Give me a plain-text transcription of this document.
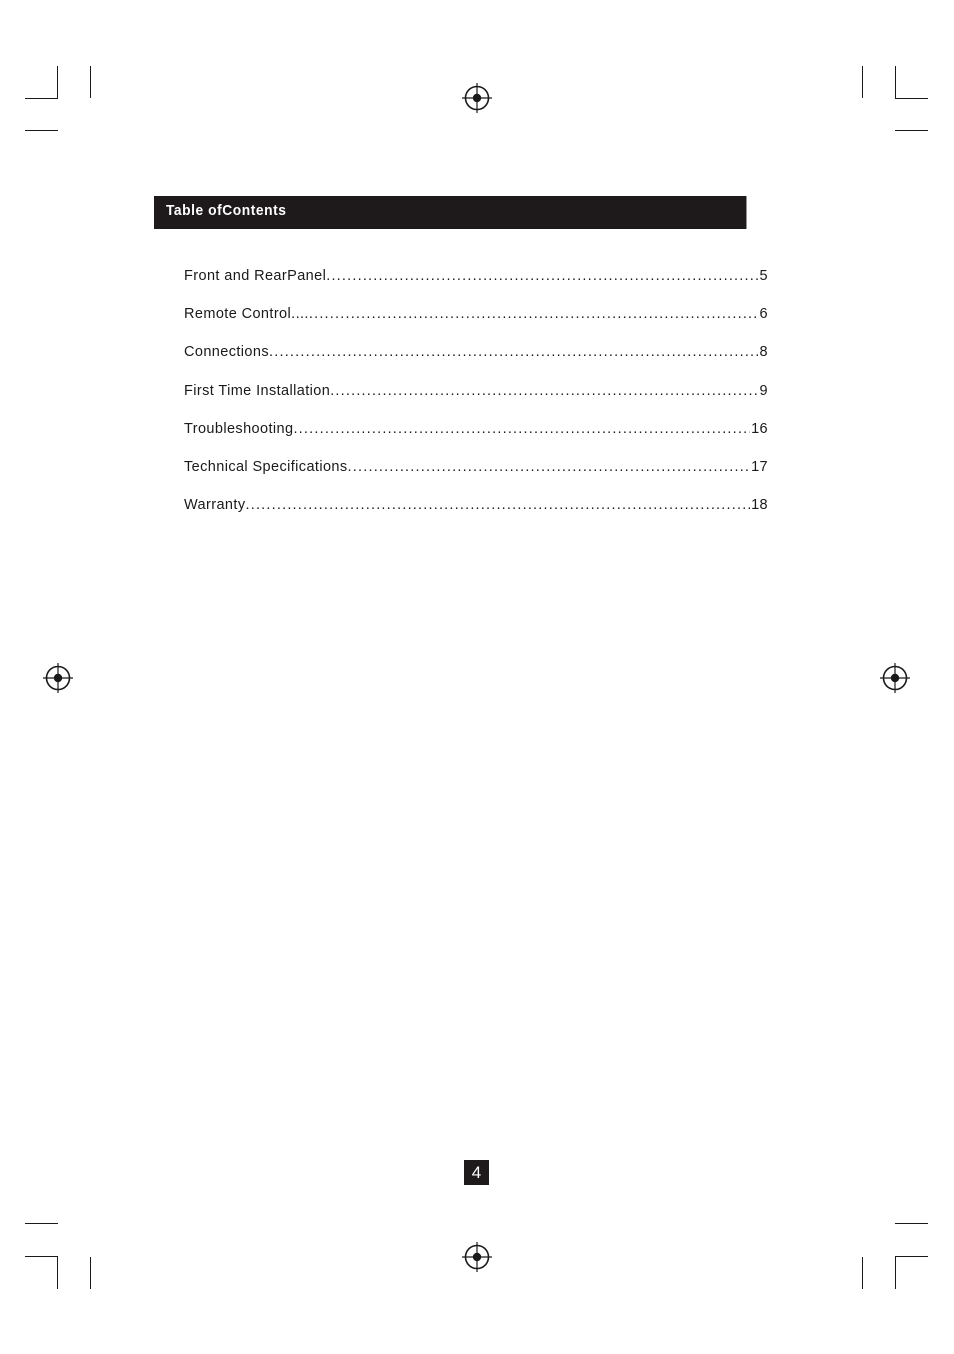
Table ofContents
Front and RearPanel .....	5
Remote Control.... .....	6
Connections .....	8
First Time Installation .....	9
Troubleshooting .....	16
Technical Specifications .....	17
Warranty .....	18
4
